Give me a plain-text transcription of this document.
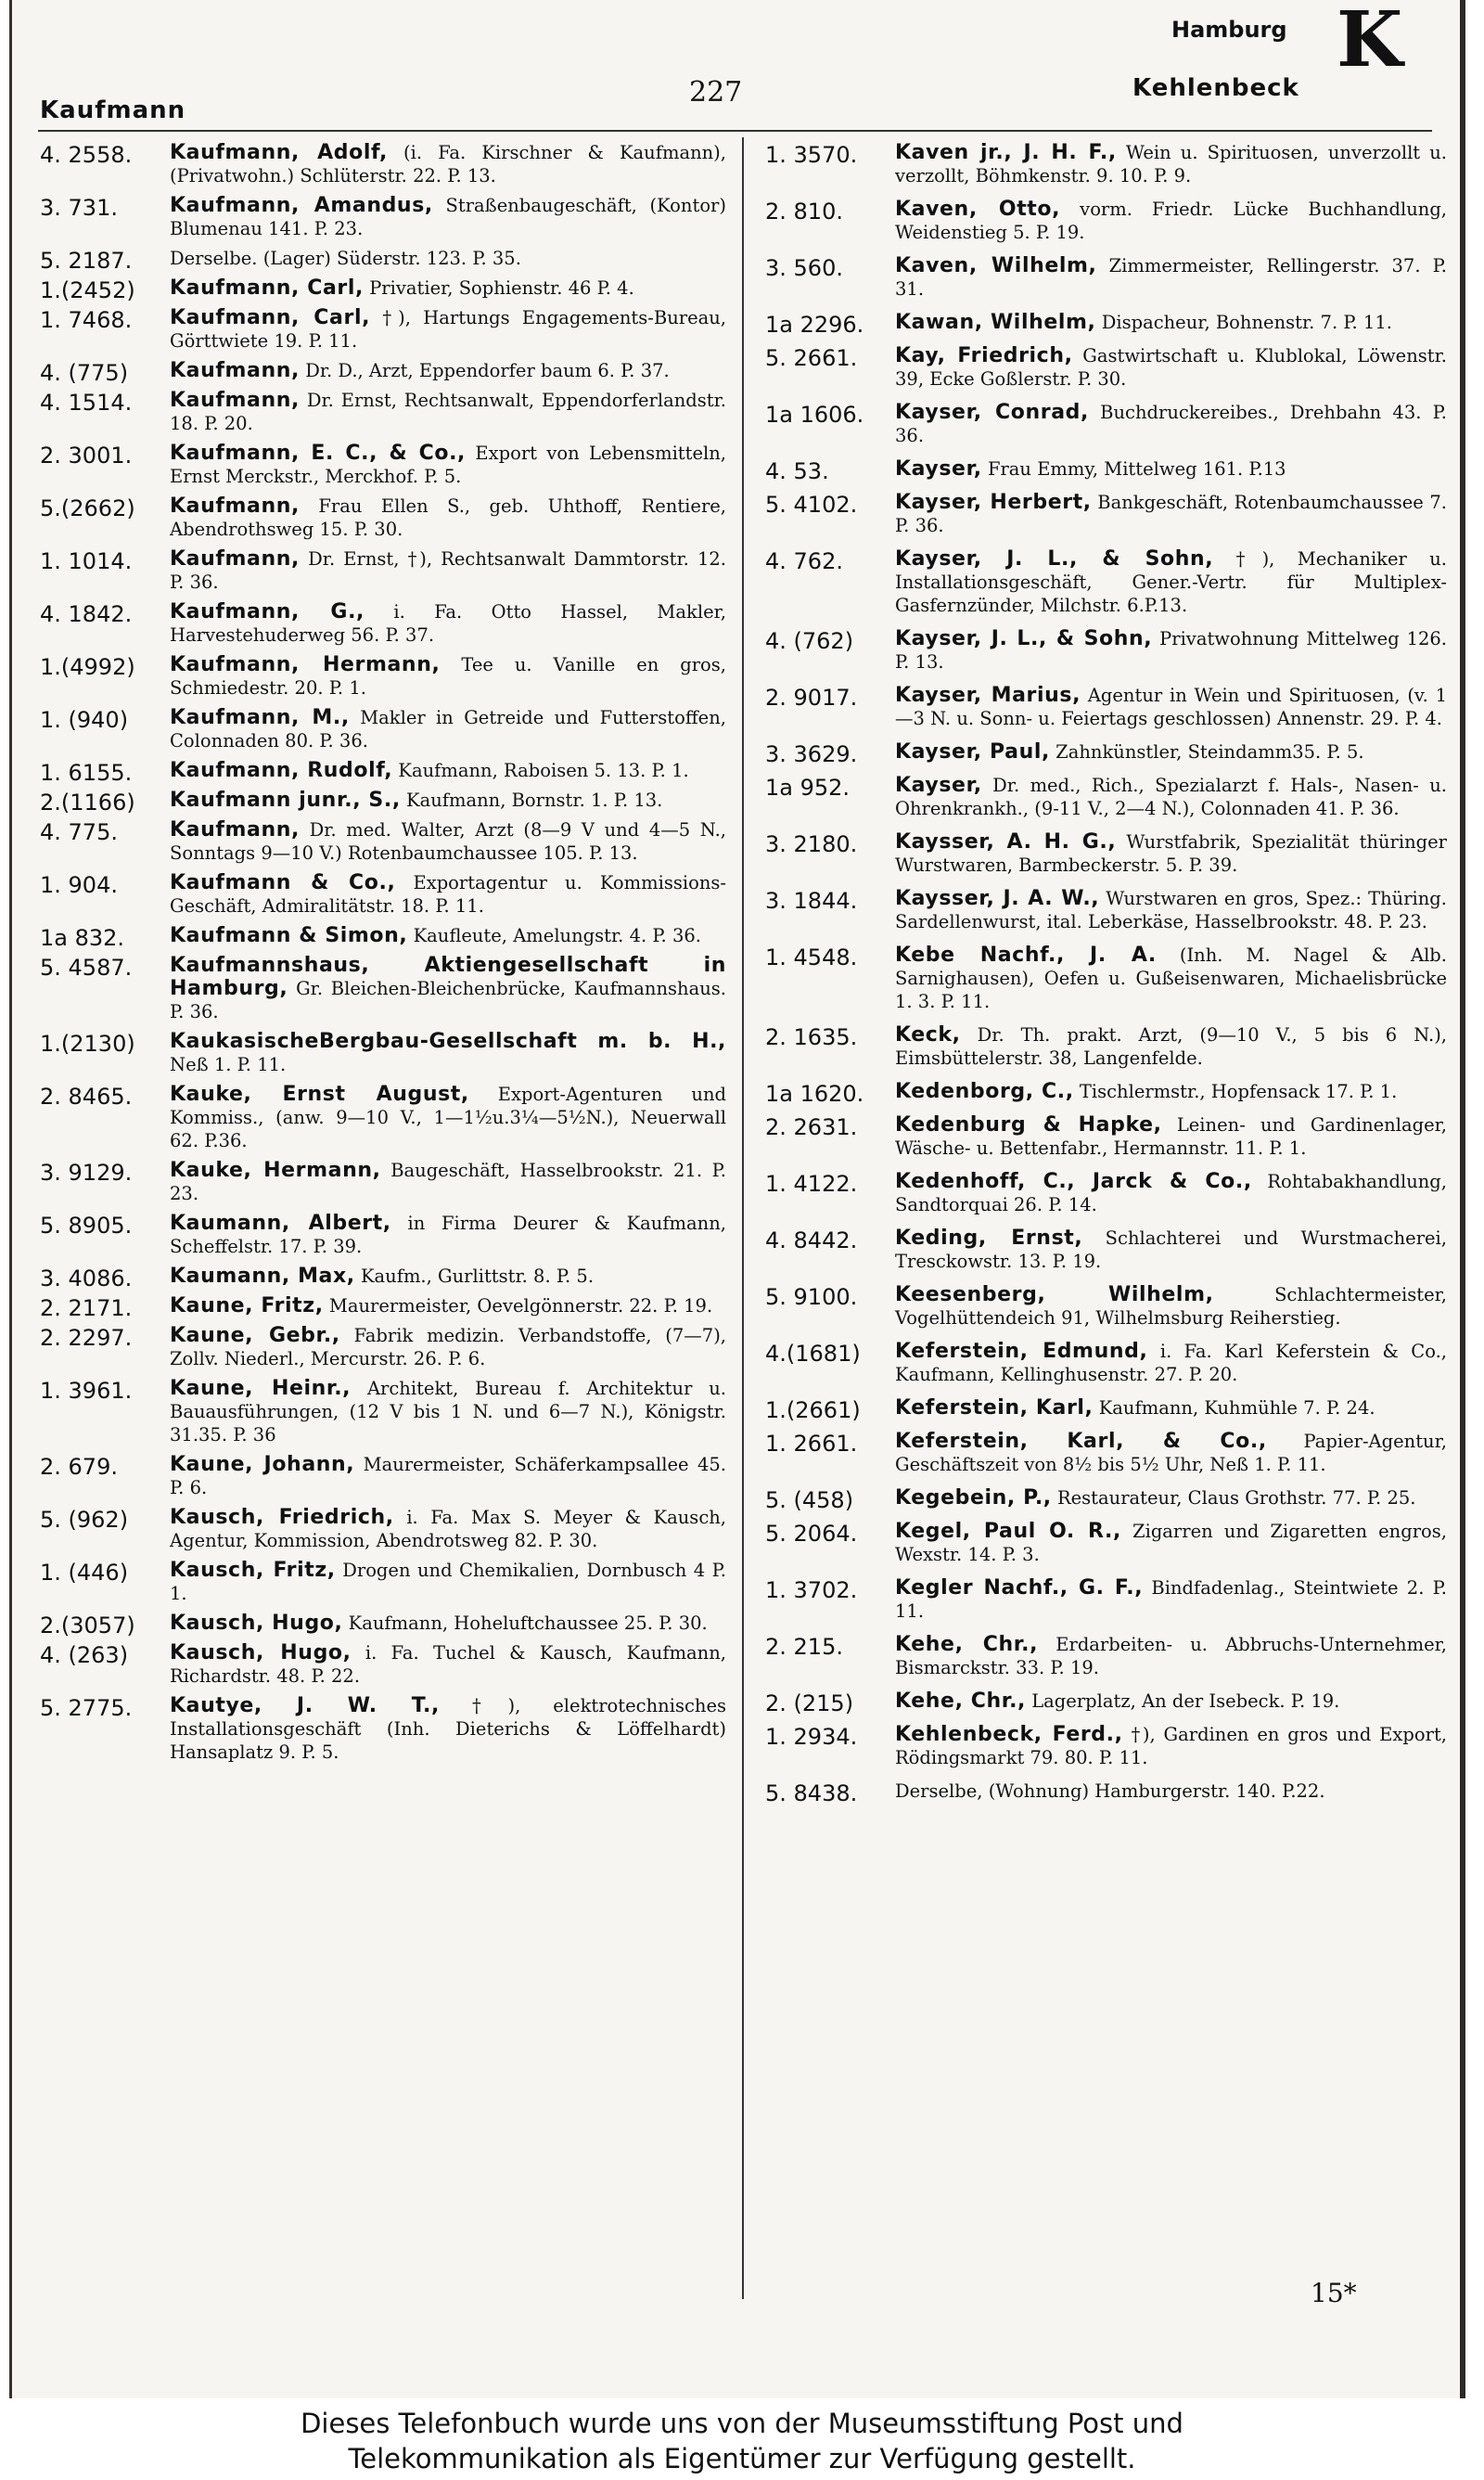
Hamburg K
Kaufmann
227	Kehlenbeck
4. 2558.	Kaufmann, Adolf, (i. Fa. Kirschner & Kaufmann), (Privatwohn.) Schlüterstr. 22. P. 13.
3. 731.	Kaufmann, Amandus, Straßenbaugeschäft, (Kontor) Blumenau 141. P. 23.
5. 2187.	Derselbe. (Lager) Süderstr. 123. P. 35.
1.(2452)	Kaufmann, Carl, Privatier, Sophienstr. 46 P. 4.
1. 7468.	Kaufmann, Carl, †), Hartungs Engagements-Bureau, Görttwiete 19. P. 11.
4. (775)	Kaufmann, Dr. D., Arzt, Eppendorfer baum 6. P. 37.
4. 1514.	Kaufmann, Dr. Ernst, Rechtsanwalt, Eppendorferlandstr. 18. P. 20.
2. 3001.	Kaufmann, E. C., & Co., Export von Lebensmitteln, Ernst Merckstr., Merckhof. P. 5.
5.(2662)	Kaufmann, Frau Ellen S., geb. Uhthoff, Rentiere, Abendrothsweg 15. P. 30.
1. 1014.	Kaufmann, Dr. Ernst, †), Rechtsanwalt Dammtorstr. 12. P. 36.
4. 1842.	Kaufmann, G., i. Fa. Otto Hassel, Makler, Harvestehuderweg 56. P. 37.
1.(4992)	Kaufmann, Hermann, Tee u. Vanille en gros, Schmiedestr. 20. P. 1.
1. (940)	Kaufmann, M., Makler in Getreide und Futterstoffen, Colonnaden 80. P. 36.
1. 6155.	Kaufmann, Rudolf, Kaufmann, Raboisen 5. 13. P. 1.
2.(1166)	Kaufmann junr., S., Kaufmann, Bornstr. 1. P. 13.
4. 775.	Kaufmann, Dr. med. Walter, Arzt (8—9 V und 4—5 N., Sonntags 9—10 V.) Rotenbaumchaussee 105. P. 13.
1. 904.	Kaufmann & Co., Exportagentur u. Kommissions-Geschäft, Admiralitätstr. 18. P. 11.
1a 832.	Kaufmann & Simon, Kaufleute, Amelungstr. 4. P. 36.
5. 4587.	Kaufmannshaus, Aktiengesellschaft in Hamburg, Gr. Bleichen-Bleichenbrücke, Kaufmannshaus. P. 36.
1.(2130)	KaukasischeBergbau-Gesellschaft m. b. H., Neß 1. P. 11.
2. 8465.	Kauke, Ernst August, Export-Agenturen und Kommiss., (anw. 9—10 V., 1—1½u.3¼—5½N.), Neuerwall 62. P.36.
3. 9129.	Kauke, Hermann, Baugeschäft, Hasselbrookstr. 21. P. 23.
5. 8905.	Kaumann, Albert, in Firma Deurer & Kaufmann, Scheffelstr. 17. P. 39.
3. 4086.	Kaumann, Max, Kaufm., Gurlittstr. 8. P. 5.
2. 2171.	Kaune, Fritz, Maurermeister, Oevelgönnerstr. 22. P. 19.
2. 2297.	Kaune, Gebr., Fabrik medizin. Verbandstoffe, (7—7), Zollv. Niederl., Mercurstr. 26. P. 6.
1. 3961.	Kaune, Heinr., Architekt, Bureau f. Architektur u. Bauausführungen, (12 V bis 1 N. und 6—7 N.), Königstr. 31.35. P. 36
2. 679.	Kaune, Johann, Maurermeister, Schäferkampsallee 45. P. 6.
5. (962)	Kausch, Friedrich, i. Fa. Max S. Meyer & Kausch, Agentur, Kommission, Abendrotsweg 82. P. 30.
1. (446)	Kausch, Fritz, Drogen und Chemikalien, Dornbusch 4 P. 1.
2.(3057)	Kausch, Hugo, Kaufmann, Hoheluftchaussee 25. P. 30.
4. (263)	Kausch, Hugo, i. Fa. Tuchel & Kausch, Kaufmann, Richardstr. 48. P. 22.
5. 2775.	Kautye, J. W. T., †), elektrotechnisches Installationsgeschäft (Inh. Dieterichs & Löffelhardt) Hansaplatz 9. P. 5.
1. 3570.	Kaven jr., J. H. F., Wein u. Spirituosen, unverzollt u. verzollt, Böhmkenstr. 9. 10. P. 9.
2. 810.	Kaven, Otto, vorm. Friedr. Lücke Buchhandlung, Weidenstieg 5. P. 19.
3. 560.	Kaven, Wilhelm, Zimmermeister, Rellingerstr. 37. P. 31.
1a 2296.	Kawan, Wilhelm, Dispacheur, Bohnenstr. 7. P. 11.
5. 2661.	Kay, Friedrich, Gastwirtschaft u. Klublokal, Löwenstr. 39, Ecke Goßlerstr. P. 30.
1a 1606.	Kayser, Conrad, Buchdruckereibes., Drehbahn 43. P. 36.
4. 53.	Kayser, Frau Emmy, Mittelweg 161. P.13
5. 4102.	Kayser, Herbert, Bankgeschäft, Rotenbaumchaussee 7. P. 36.
4. 762.	Kayser, J. L., & Sohn, †), Mechaniker u. Installationsgeschäft, Gener.-Vertr. für Multiplex-Gasfernzünder, Milchstr. 6.P.13.
4. (762)	Kayser, J. L., & Sohn, Privatwohnung Mittelweg 126. P. 13.
2. 9017.	Kayser, Marius, Agentur in Wein und Spirituosen, (v. 1—3 N. u. Sonn- u. Feiertags geschlossen) Annenstr. 29. P. 4.
3. 3629.	Kayser, Paul, Zahnkünstler, Steindamm35. P. 5.
1a 952.	Kayser, Dr. med., Rich., Spezialarzt f. Hals-, Nasen- u. Ohrenkrankh., (9-11 V., 2—4 N.), Colonnaden 41. P. 36.
3. 2180.	Kaysser, A. H. G., Wurstfabrik, Spezialität thüringer Wurstwaren, Barmbeckerstr. 5. P. 39.
3. 1844.	Kaysser, J. A. W., Wurstwaren en gros, Spez.: Thüring. Sardellenwurst, ital. Leberkäse, Hasselbrookstr. 48. P. 23.
1. 4548.	Kebe Nachf., J. A. (Inh. M. Nagel & Alb. Sarnighausen), Oefen u. Gußeisenwaren, Michaelisbrücke 1. 3. P. 11.
2. 1635.	Keck, Dr. Th. prakt. Arzt, (9—10 V., 5 bis 6 N.), Eimsbüttelerstr. 38, Langenfelde.
1a 1620.	Kedenborg, C., Tischlermstr., Hopfensack 17. P. 1.
2. 2631.	Kedenburg & Hapke, Leinen- und Gardinenlager, Wäsche- u. Bettenfabr., Hermannstr. 11. P. 1.
1. 4122.	Kedenhoff, C., Jarck & Co., Rohtabakhandlung, Sandtorquai 26. P. 14.
4. 8442.	Keding, Ernst, Schlachterei und Wurstmacherei, Tresckowstr. 13. P. 19.
5. 9100.	Keesenberg, Wilhelm,	Schlachtermeister, Vogelhüttendeich 91, Wilhelmsburg Reiherstieg.
4.(1681)	Keferstein, Edmund, i. Fa. Karl Keferstein & Co., Kaufmann, Kellinghusenstr. 27. P. 20.
1.(2661)	Keferstein, Karl, Kaufmann, Kuhmühle 7. P. 24.
1. 2661.	Keferstein, Karl, & Co., Papier-Agentur, Geschäftszeit von 8½ bis 5½ Uhr, Neß 1. P. 11.
5. (458)	Kegebein, P., Restaurateur, Claus Grothstr. 77. P. 25.
5. 2064.	Kegel, Paul O. R., Zigarren und Zigaretten engros, Wexstr. 14. P. 3.
1. 3702.	Kegler Nachf., G. F., Bindfadenlag., Steintwiete 2. P. 11.
2. 215.	Kehe, Chr., Erdarbeiten- u. Abbruchs-Unternehmer, Bismarckstr. 33. P. 19.
2. (215)	Kehe, Chr., Lagerplatz, An der Isebeck. P. 19.
1. 2934.	Kehlenbeck, Ferd., †), Gardinen en gros und Export, Rödingsmarkt 79. 80. P. 11.
5. 8438.	Derselbe, (Wohnung) Hamburgerstr. 140. P.22.
15*
Dieses Telefonbuch wurde uns von der Museumsstiftung Post und
Telekommunikation als Eigentümer zur Verfügung gestellt.
